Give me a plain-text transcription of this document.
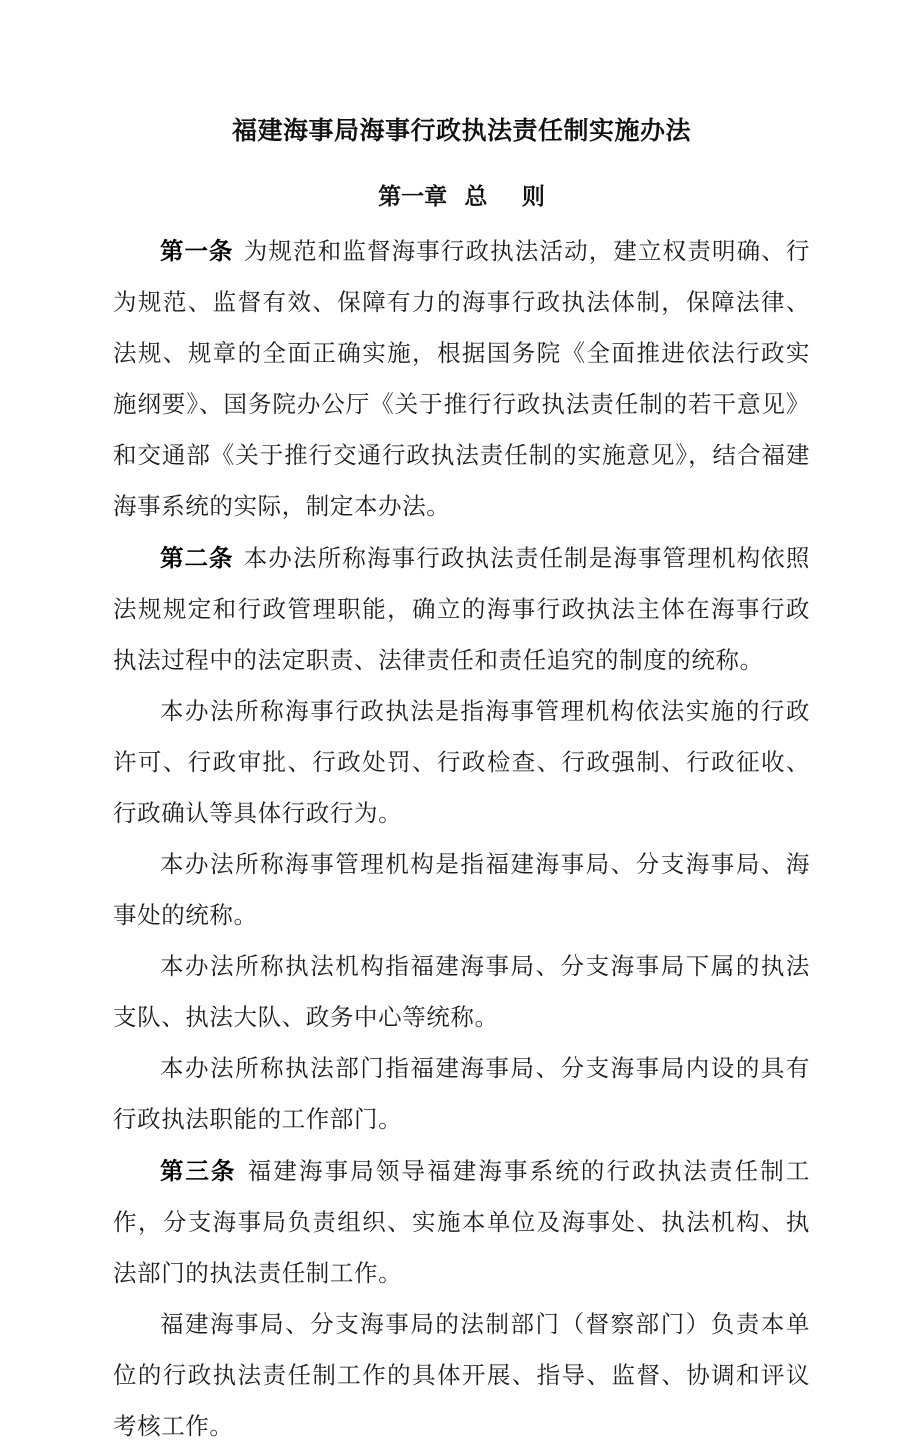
福建海事局海事行政执法责任制实施办法
第一章 总 则

第一条 为规范和监督海事行政执法活动，建立权责明确、行为规范、监督有效、保障有力的海事行政执法体制，保障法律、法规、规章的全面正确实施，根据国务院《全面推进依法行政实施纲要》、国务院办公厅《关于推行行政执法责任制的若干意见》和交通部《关于推行交通行政执法责任制的实施意见》，结合福建海事系统的实际，制定本办法。

第二条 本办法所称海事行政执法责任制是海事管理机构依照法规规定和行政管理职能，确立的海事行政执法主体在海事行政执法过程中的法定职责、法律责任和责任追究的制度的统称。

本办法所称海事行政执法是指海事管理机构依法实施的行政许可、行政审批、行政处罚、行政检查、行政强制、行政征收、行政确认等具体行政行为。

本办法所称海事管理机构是指福建海事局、分支海事局、海事处的统称。

本办法所称执法机构指福建海事局、分支海事局下属的执法支队、执法大队、政务中心等统称。

本办法所称执法部门指福建海事局、分支海事局内设的具有行政执法职能的工作部门。

第三条 福建海事局领导福建海事系统的行政执法责任制工作，分支海事局负责组织、实施本单位及海事处、执法机构、执法部门的执法责任制工作。

福建海事局、分支海事局的法制部门（督察部门）负责本单位的行政执法责任制工作的具体开展、指导、监督、协调和评议考核工作。
